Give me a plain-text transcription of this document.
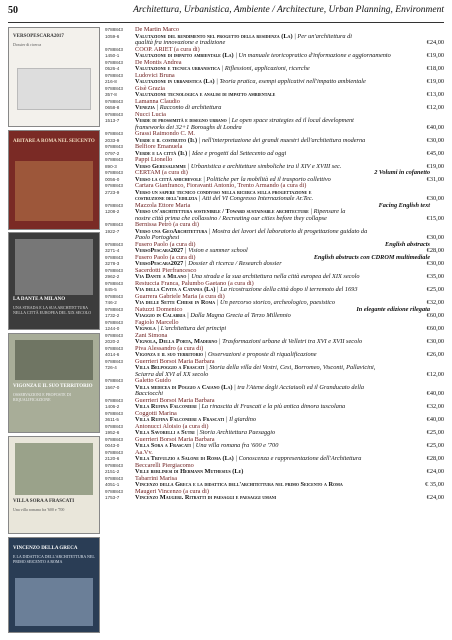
50	Architettura, Urbanistica, Ambiente / Architecture, Urban Planning, Environment
VERSOPESCARA2017
Dossier di ricerca
ABITARE A ROMA NEL SEICENTO
LA DANTE A MILANO
UNA STRADA E LA SUA ARCHITETTURA NELLA CITTÀ EUROPEA DEL XIX SECOLO
VIGONZA E IL SUO TERRITORIO
OSSERVAZIONI E PROPOSTE DI RIQUALIFICAZIONE
VILLA SORA A FRASCATI
Una villa romana fra '600 e '700
VINCENZO DELLA GRECA
E LA DIDATTICA DELL'ARCHITETTURA NEL PRIMO SEICENTO A ROMA
9788843
1059-6
De Martin Marco
Valutazione del rendimento nel progetto della residenza (La) | Per un'architettura di
qualità fra innovazione e tradizione	€24,00
9788843
1450-1
COOP. ARIET (a cura di)
Valutazione di impatto ambientale (La) | Un manuale teoricopratico d'informazione e aggiornamento	€19,00
9788843
0526-4
De Montis Andrea
Valutazione e tecnica urbanistica | Riflessioni, applicazioni, ricerche	€18,00
9788843
216-8
Ludovici Bruna
Valutazione in urbanistica (La) | Teoria pratica, esempi applicativi nell'impatto ambientale	€19,00
9788843
357-8
Gisè Grazia
Valutazione tecnologica e analisi di impatto ambientale	€13,00
9788843
0658-8
Lamanna Claudio
Venezia | Racconto di architettura	€12,00
9788843
1513-7
Nucci Lucia
Verde di prossimità e disegno urbano | Le open space strategies ed il local development
frameworks dei 32+1 Boroughs di Londra	€40,00
9788843
2033-9
Grassi Raimondo C. M.
Verde e il costruito (Il) | nell'interpretazione dei grandi maestri dell'architettura moderna	€30,00
9788843
0797-2
Belfiore Emanuela
Verde e la città (Il) | Idee e progetti dal Settecento ad oggi	€45,00
9788843
890-3
Pappi Lionello
Verso Gerusalemme | Urbanistica e architetture simboliche tra il XIV e XVIII sec.	€19,00
9788843
0056-0
CERTAM (a cura di)	2 Volumi in cofanetto
Verso la città amichevole | Politiche per la mobilità ed il trasporto collettivo	€31,00
9788843
2723-9
Cartara Gianfranco, Fioravanti Antonio, Trento Armando (a cura di)
Verso un sapere tecnico condiviso nella ricerca sulla progettazione e
costruzione dell'edilizia | Atti del VI Congresso Internazionale Ar.Tec.	€30,00
9788843
1208-2
Mazzola Ettore Maria	Facing English text
Verso un'architettura sostenibile / Toward sustainable architecture | Ripensare la
nostre città prima che collassino / Recreating our cities before they collapse	€15,00
9788843
1922-7
Bernissa Petrò (a cura di)
Verso una GeoArchitettura | Mostra dei lavori del laboratorio di progettazione guidato da
Paolo Portoghesi	€30,00
9788843
3271-4
Fusero Paolo (a cura di)	English abstracts
VersoPescara2027 | Vision e summer school	€28,00
9788843
3278-3
Fusero Paolo (a cura di)	English abstracts con CDROM multimediale
VersoPescara2027 | Dossier di ricerca / Research dossier	€30,00
9788843
2962-2
Sacerdotti Pierfrancesco
Via Dante a Milano | Una strada e la sua architettura nella città europea del XIX secolo	€35,00
9788843
845-5
Restuccia Franca, Palumbo Gaetano (a cura di)
Via della Civita a Catania (La) | La ricostruzione della città dopo il terremoto del 1693	€25,00
9788843
746-2
Guarrera Gabriele Maria (a cura di)
Via delle Sette Chiese in Roma | Un percorso storico, archeologico, paesistico	€32,00
9788843
1732-2
Natuzzi Domenico	In elegante edizione rilegata
Viaggio in Calabria | Dalla Magna Grecia al Terzo Millennio	€60,00
9788843
1244-0
Fagiolo Marcello
Vignola | L'architettura dei principi	€60,00
9788843
2020-2
Zani Simona
Vignola, Della Porta, Maderno | Trasformazioni urbane di Velletri tra XVI e XVII secolo	€30,00
9788843
4014-6
Piva Alessandro (a cura di)
Vigonza e il suo territorio | Osservazioni e proposte di riqualificazione	€26,00
9788843
726-4
Guerrieri Borsoi Maria Barbara
Villa Belpoggio a Frascati | Storia della villa dei Vestri, Cesi, Borromeo, Visconti, Pallavicini,
Sciarra dal XVI al XX secolo	€12,00
9788843
1567-0
Galetto Guido
Villa medicea di Poggio a Caiano (La) | tra l'Atene degli Acciaiuoli ed il Granducato della
Bacciocchi	€40,00
9788843
1406-2
Guerrieri Borsoi Maria Barbara
Villa Rufina Falconieri | La rinascita di Frascati e la più antica dimora tuscolana	€32,00
9788843
3611-5
Coggotti Marina
Villa Rufina Falconieri a Frascati | Il giardino	€40,00
9788843
1952-6
Antonucci Aloisio (a cura di)
Villa Savorelli a Sutri | Storia Architettura Paesaggio	€25,00
9788843
0043-0
Guerrieri Borsoi Maria Barbara
Villa Sora a Frascati | Una villa romana fra '600 e '700	€25,00
9788843
2120-6
Aa.Vv.
Villa Trivulzio a Salone di Roma (La) | Conoscenza e rappresentazione dell'Architettura	€28,00
9788843
2151-2
Beccarelli Piergiacomo
Ville berlinesi di Hermann Muthesius (Le)	€24,00
9788843
4051-1
Tabarrini Marisa
Vincenzo della Greca e la didattica dell'architettura nel primo Seicento a Roma	€ 35,00
9788843
1753-7
Maugeri Vincenzo (a cura di)
Vincenzo Maugeri. Ritratti di paesaggi e paesaggi umani	€24,00
